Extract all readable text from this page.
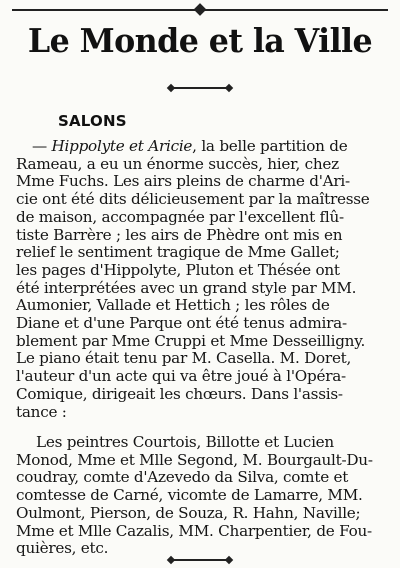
Le Monde et la Ville
SALONS
— Hippolyte et Aricie, la belle partition de
Rameau, a eu un énorme succès, hier, chez
Mme Fuchs. Les airs pleins de charme d'Ari-
cie ont été dits délicieusement par la maîtresse
de maison, accompagnée par l'excellent flû-
tiste Barrère ; les airs de Phèdre ont mis en
relief le sentiment tragique de Mme Gallet;
les pages d'Hippolyte, Pluton et Thésée ont
été interprétées avec un grand style par MM.
Aumonier, Vallade et Hettich ; les rôles de
Diane et d'une Parque ont été tenus admira-
blement par Mme Cruppi et Mme Desseilligny.
Le piano était tenu par M. Casella. M. Doret,
l'auteur d'un acte qui va être joué à l'Opéra-
Comique, dirigeait les chœurs. Dans l'assis-
tance :
Les peintres Courtois, Billotte et Lucien
Monod, Mme et Mlle Segond, M. Bourgault-Du-
coudray, comte d'Azevedo da Silva, comte et
comtesse de Carné, vicomte de Lamarre, MM.
Oulmont, Pierson, de Souza, R. Hahn, Naville;
Mme et Mlle Cazalis, MM. Charpentier, de Fou-
quières, etc.
